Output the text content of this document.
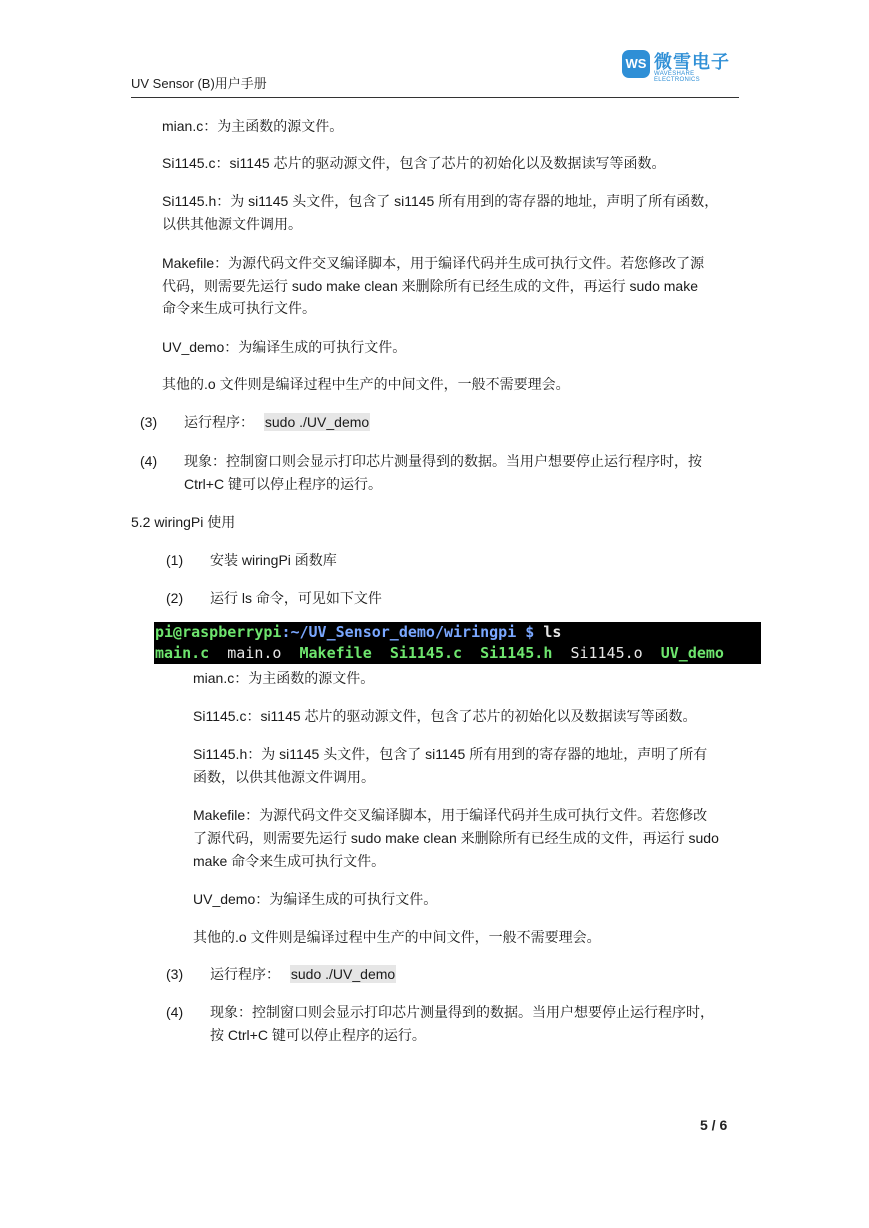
UV Sensor (B)用户手册
WS 微雪电子
WAVESHARE ELECTRONICS

mian.c：为主函数的源文件。

Si1145.c：si1145 芯片的驱动源文件，包含了芯片的初始化以及数据读写等函数。

Si1145.h：为 si1145 头文件，包含了 si1145 所有用到的寄存器的地址，声明了所有函数，

以供其他源文件调用。

Makefile：为源代码文件交叉编译脚本，用于编译代码并生成可执行文件。若您修改了源

代码，则需要先运行 sudo make clean 来删除所有已经生成的文件，再运行 sudo make

命令来生成可执行文件。

UV_demo：为编译生成的可执行文件。

其他的.o 文件则是编译过程中生产的中间文件，一般不需要理会。

(3) 运行程序： sudo ./UV_demo

(4) 现象：控制窗口则会显示打印芯片测量得到的数据。当用户想要停止运行程序时，按

Ctrl+C 键可以停止程序的运行。

5.2 wiringPi 使用

(1) 安装 wiringPi 函数库

(2) 运行 ls 命令，可见如下文件

pi@raspberrypi:~/UV_Sensor_demo/wiringpi $ ls
main.c main.o Makefile Si1145.c Si1145.h Si1145.o UV_demo

mian.c：为主函数的源文件。

Si1145.c：si1145 芯片的驱动源文件，包含了芯片的初始化以及数据读写等函数。

Si1145.h：为 si1145 头文件，包含了 si1145 所有用到的寄存器的地址，声明了所有

函数，以供其他源文件调用。

Makefile：为源代码文件交叉编译脚本，用于编译代码并生成可执行文件。若您修改

了源代码，则需要先运行 sudo make clean 来删除所有已经生成的文件，再运行 sudo

make 命令来生成可执行文件。

UV_demo：为编译生成的可执行文件。

其他的.o 文件则是编译过程中生产的中间文件，一般不需要理会。

(3) 运行程序： sudo ./UV_demo

(4) 现象：控制窗口则会显示打印芯片测量得到的数据。当用户想要停止运行程序时，

按 Ctrl+C 键可以停止程序的运行。

5 / 6
